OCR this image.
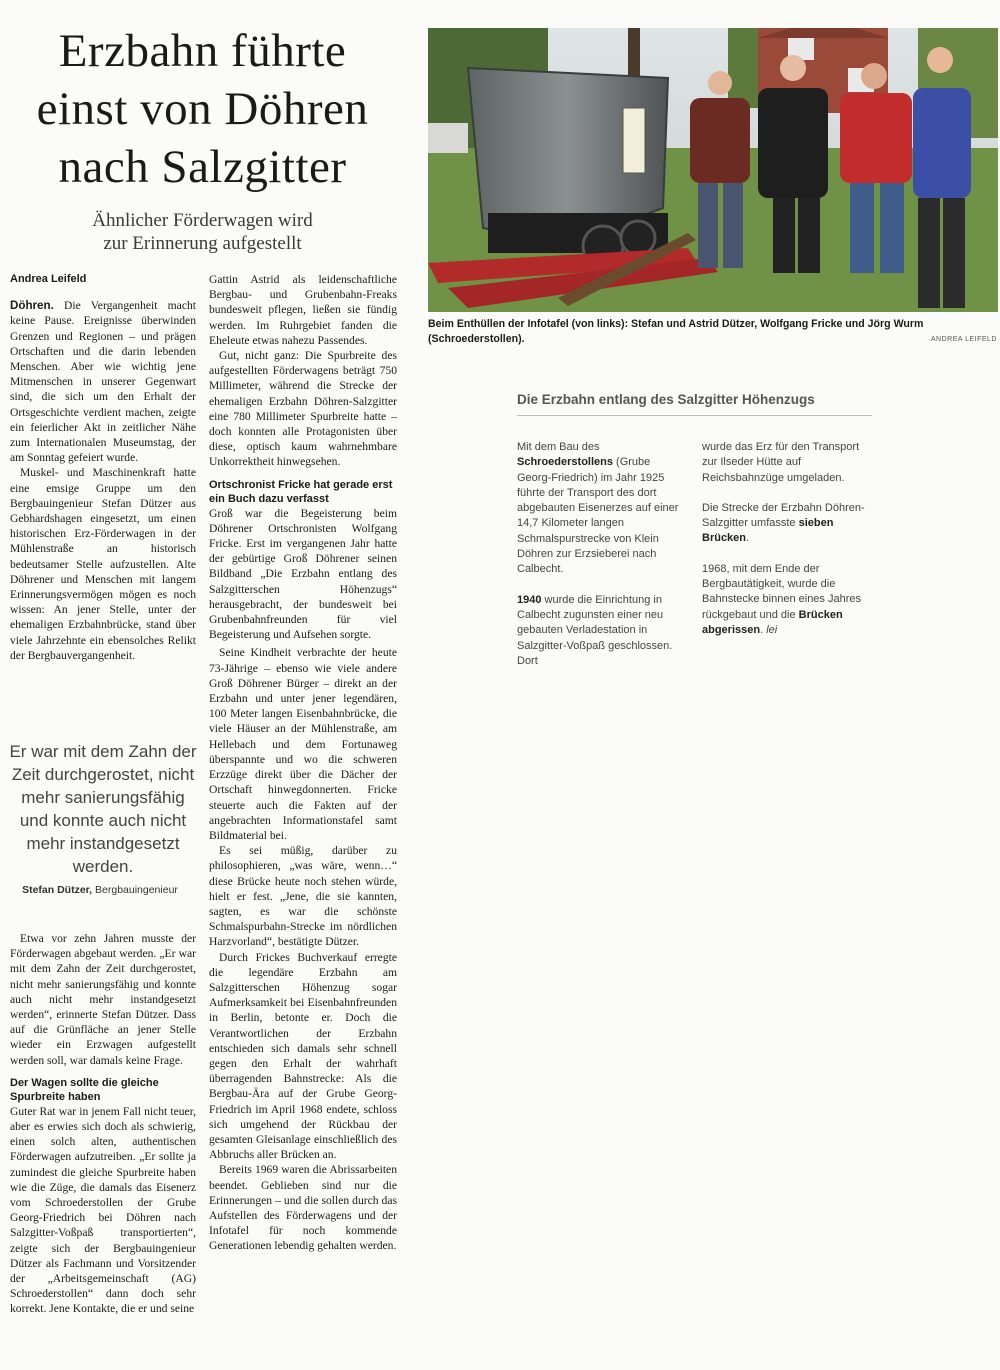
Erzbahn führte
einst von Döhren
nach Salzgitter
Ähnlicher Förderwagen wird
zur Erinnerung aufgestellt

Andrea Leifeld

Döhren. Die Vergangenheit macht keine Pause. Ereignisse überwinden Grenzen und Regionen – und prägen Ortschaften und die darin lebenden Menschen. Aber wie wichtig jene Mitmenschen in unserer Gegenwart sind, die sich um den Erhalt der Ortsgeschichte verdient machen, zeigte ein feierlicher Akt in zeitlicher Nähe zum Internationalen Museumstag, der am Sonntag gefeiert wurde.

Muskel- und Maschinenkraft hatte eine emsige Gruppe um den Bergbauingenieur Stefan Dützer aus Gebhardshagen eingesetzt, um einen historischen Erz-Förderwagen in der Mühlenstraße an historisch bedeutsamer Stelle aufzustellen. Alte Döhrener und Menschen mit langem Erinnerungsvermögen mögen es noch wissen: An jener Stelle, unter der ehemaligen Erzbahnbrücke, stand über viele Jahrzehnte ein ebensolches Relikt der Bergbauvergangenheit.

Er war mit dem Zahn der Zeit durchgerostet, nicht mehr sanierungsfähig und konnte auch nicht mehr instandgesetzt werden.
Stefan Dützer, Bergbauingenieur

Etwa vor zehn Jahren musste der Förderwagen abgebaut werden. „Er war mit dem Zahn der Zeit durchgerostet, nicht mehr sanierungsfähig und konnte auch nicht mehr instandgesetzt werden“, erinnerte Stefan Dützer. Dass auf die Grünfläche an jener Stelle wieder ein Erzwagen aufgestellt werden soll, war damals keine Frage.

Der Wagen sollte die gleiche Spurbreite haben

Guter Rat war in jenem Fall nicht teuer, aber es erwies sich doch als schwierig, einen solch alten, authentischen Förderwagen aufzutreiben. „Er sollte ja zumindest die gleiche Spurbreite haben wie die Züge, die damals das Eisenerz vom Schroederstollen der Grube Georg-Friedrich bei Döhren nach Salzgitter-Voßpaß transportierten“, zeigte sich der Bergbauingenieur Dützer als Fachmann und Vorsitzender der „Arbeitsgemeinschaft (AG) Schroederstollen“ dann doch sehr korrekt. Jene Kontakte, die er und seine

Gattin Astrid als leidenschaftliche Bergbau- und Grubenbahn-Freaks bundesweit pflegen, ließen sie fündig werden. Im Ruhrgebiet fanden die Eheleute etwas nahezu Passendes.

Gut, nicht ganz: Die Spurbreite des aufgestellten Förderwagens beträgt 750 Millimeter, während die Strecke der ehemaligen Erzbahn Döhren-Salzgitter eine 780 Millimeter Spurbreite hatte – doch konnten alle Protagonisten über diese, optisch kaum wahrnehmbare Unkorrektheit hinwegsehen.

Ortschronist Fricke hat gerade erst ein Buch dazu verfasst

Groß war die Begeisterung beim Döhrener Ortschronisten Wolfgang Fricke. Erst im vergangenen Jahr hatte der gebürtige Groß Döhrener seinen Bildband „Die Erzbahn entlang des Salzgitterschen Höhenzugs“ herausgebracht, der bundesweit bei Grubenbahnfreunden für viel Begeisterung und Aufsehen sorgte.

Seine Kindheit verbrachte der heute 73-Jährige – ebenso wie viele andere Groß Döhrener Bürger – direkt an der Erzbahn und unter jener legendären, 100 Meter langen Eisenbahnbrücke, die viele Häuser an der Mühlenstraße, am Hellebach und dem Fortunaweg überspannte und wo die schweren Erzzüge direkt über die Dächer der Ortschaft hinwegdonnerten. Fricke steuerte auch die Fakten auf der angebrachten Informationstafel samt Bildmaterial bei.

Es sei müßig, darüber zu philosophieren, „was wäre, wenn…“ diese Brücke heute noch stehen würde, hielt er fest. „Jene, die sie kannten, sagten, es war die schönste Schmalspurbahn-Strecke im nördlichen Harzvorland“, bestätigte Dützer.

Durch Frickes Buchverkauf erregte die legendäre Erzbahn am Salzgitterschen Höhenzug sogar Aufmerksamkeit bei Eisenbahnfreunden in Berlin, betonte er. Doch die Verantwortlichen der Erzbahn entschieden sich damals sehr schnell gegen den Erhalt der wahrhaft überragenden Bahnstrecke: Als die Bergbau-Ära auf der Grube Georg-Friedrich im April 1968 endete, schloss sich umgehend der Rückbau der gesamten Gleisanlage einschließlich des Abbruchs aller Brücken an.

Bereits 1969 waren die Abrissarbeiten beendet. Geblieben sind nur die Erinnerungen – und die sollen durch das Aufstellen des Förderwagens und der Infotafel für noch kommende Generationen lebendig gehalten werden.

Beim Enthüllen der Infotafel (von links): Stefan und Astrid Dützer, Wolfgang Fricke und Jörg Wurm (Schroederstollen).	ANDREA LEIFELD
Die Erzbahn entlang des Salzgitter Höhenzugs

Mit dem Bau des Schroederstollens (Grube Georg-Friedrich) im Jahr 1925 führte der Transport des dort abgebauten Eisenerzes auf einer 14,7 Kilometer langen Schmalspurstrecke von Klein Döhren zur Erzsieberei nach Calbecht.

1940 wurde die Einrichtung in Calbecht zugunsten einer neu gebauten Verladestation in Salzgitter-Voßpaß geschlossen. Dort

wurde das Erz für den Transport zur Ilseder Hütte auf Reichsbahnzüge umgeladen.

Die Strecke der Erzbahn Döhren-Salzgitter umfasste sieben Brücken.

1968, mit dem Ende der Bergbautätigkeit, wurde die Bahnstecke binnen eines Jahres rückgebaut und die Brücken abgerissen. lei
